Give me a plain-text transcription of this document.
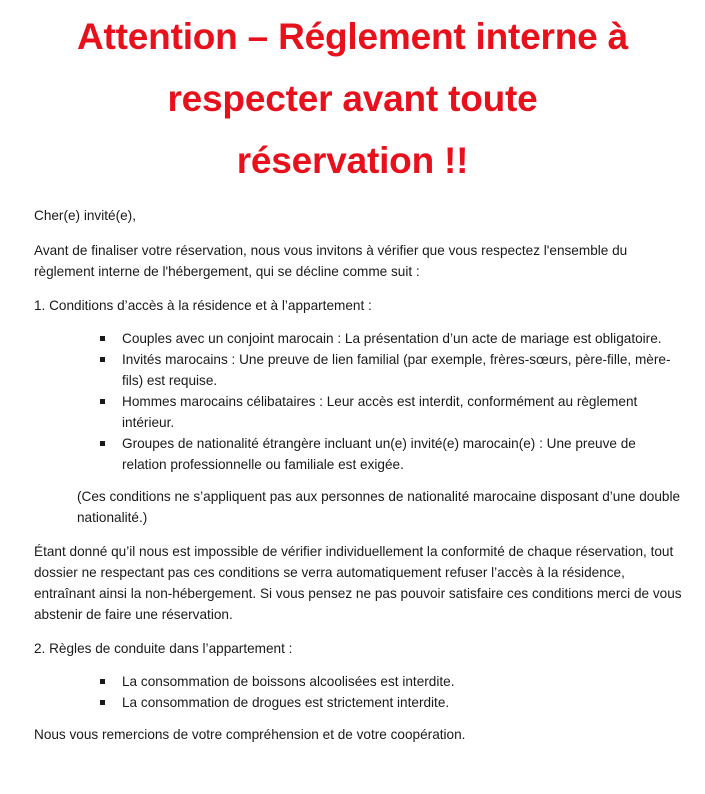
Attention – Réglement interne à
respecter avant toute
réservation !!

Cher(e) invité(e),

Avant de finaliser votre réservation, nous vous invitons à vérifier que vous respectez l'ensemble du règlement interne de l'hébergement, qui se décline comme suit :

1. Conditions d’accès à la résidence et à l’appartement :

Couples avec un conjoint marocain : La présentation d’un acte de mariage est obligatoire.
Invités marocains : Une preuve de lien familial (par exemple, frères-sœurs, père-fille, mère-fils) est requise.
Hommes marocains célibataires : Leur accès est interdit, conformément au règlement intérieur.
Groupes de nationalité étrangère incluant un(e) invité(e) marocain(e) : Une preuve de relation professionnelle ou familiale est exigée.

(Ces conditions ne s’appliquent pas aux personnes de nationalité marocaine disposant d’une double nationalité.)

Étant donné qu’il nous est impossible de vérifier individuellement la conformité de chaque réservation, tout dossier ne respectant pas ces conditions se verra automatiquement refuser l’accès à la résidence, entraînant ainsi la non-hébergement. Si vous pensez ne pas pouvoir satisfaire ces conditions merci de vous abstenir de faire une réservation.

2. Règles de conduite dans l’appartement :

La consommation de boissons alcoolisées est interdite.
La consommation de drogues est strictement interdite.

Nous vous remercions de votre compréhension et de votre coopération.
